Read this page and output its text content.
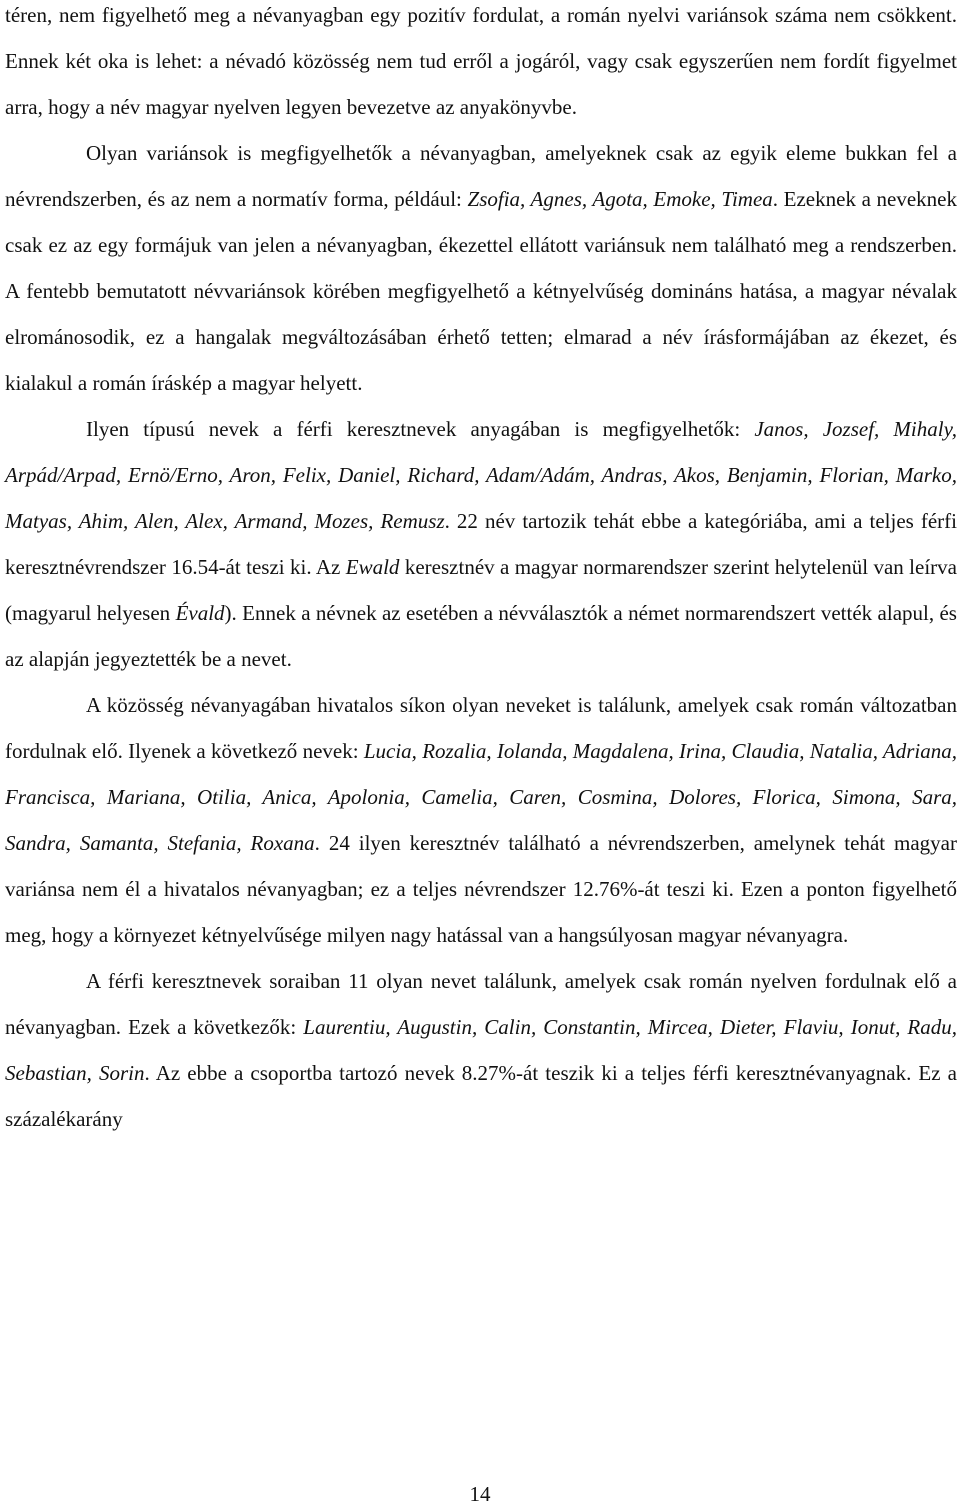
téren, nem figyelhető meg a névanyagban egy pozitív fordulat, a román nyelvi variánsok száma nem csökkent. Ennek két oka is lehet: a névadó közösség nem tud erről a jogáról, vagy csak egyszerűen nem fordít figyelmet arra, hogy a név magyar nyelven legyen bevezetve az anyakönyvbe.

Olyan variánsok is megfigyelhetők a névanyagban, amelyeknek csak az egyik eleme bukkan fel a névrendszerben, és az nem a normatív forma, például: Zsofia, Agnes, Agota, Emoke, Timea. Ezeknek a neveknek csak ez az egy formájuk van jelen a névanyagban, ékezettel ellátott variánsuk nem található meg a rendszerben. A fentebb bemutatott névvariánsok körében megfigyelhető a kétnyelvűség domináns hatása, a magyar névalak elrománosodik, ez a hangalak megváltozásában érhető tetten; elmarad a név írásformájában az ékezet, és kialakul a román íráskép a magyar helyett.

Ilyen típusú nevek a férfi keresztnevek anyagában is megfigyelhetők: Janos, Jozsef, Mihaly, Arpád/Arpad, Ernö/Erno, Aron, Felix, Daniel, Richard, Adam/Adám, Andras, Akos, Benjamin, Florian, Marko, Matyas, Ahim, Alen, Alex, Armand, Mozes, Remusz. 22 név tartozik tehát ebbe a kategóriába, ami a teljes férfi keresztnévrendszer 16.54-át teszi ki. Az Ewald keresztnév a magyar normarendszer szerint helytelenül van leírva (magyarul helyesen Évald). Ennek a névnek az esetében a névválasztók a német normarendszert vették alapul, és az alapján jegyeztették be a nevet.

A közösség névanyagában hivatalos síkon olyan neveket is találunk, amelyek csak román változatban fordulnak elő. Ilyenek a következő nevek: Lucia, Rozalia, Iolanda, Magdalena, Irina, Claudia, Natalia, Adriana, Francisca, Mariana, Otilia, Anica, Apolonia, Camelia, Caren, Cosmina, Dolores, Florica, Simona, Sara, Sandra, Samanta, Stefania, Roxana. 24 ilyen keresztnév található a névrendszerben, amelynek tehát magyar variánsa nem él a hivatalos névanyagban; ez a teljes névrendszer 12.76%-át teszi ki. Ezen a ponton figyelhető meg, hogy a környezet kétnyelvűsége milyen nagy hatással van a hangsúlyosan magyar névanyagra.

A férfi keresztnevek soraiban 11 olyan nevet találunk, amelyek csak román nyelven fordulnak elő a névanyagban. Ezek a következők: Laurentiu, Augustin, Calin, Constantin, Mircea, Dieter, Flaviu, Ionut, Radu, Sebastian, Sorin. Az ebbe a csoportba tartozó nevek 8.27%-át teszik ki a teljes férfi keresztnévanyagnak. Ez a százalékarány

14
